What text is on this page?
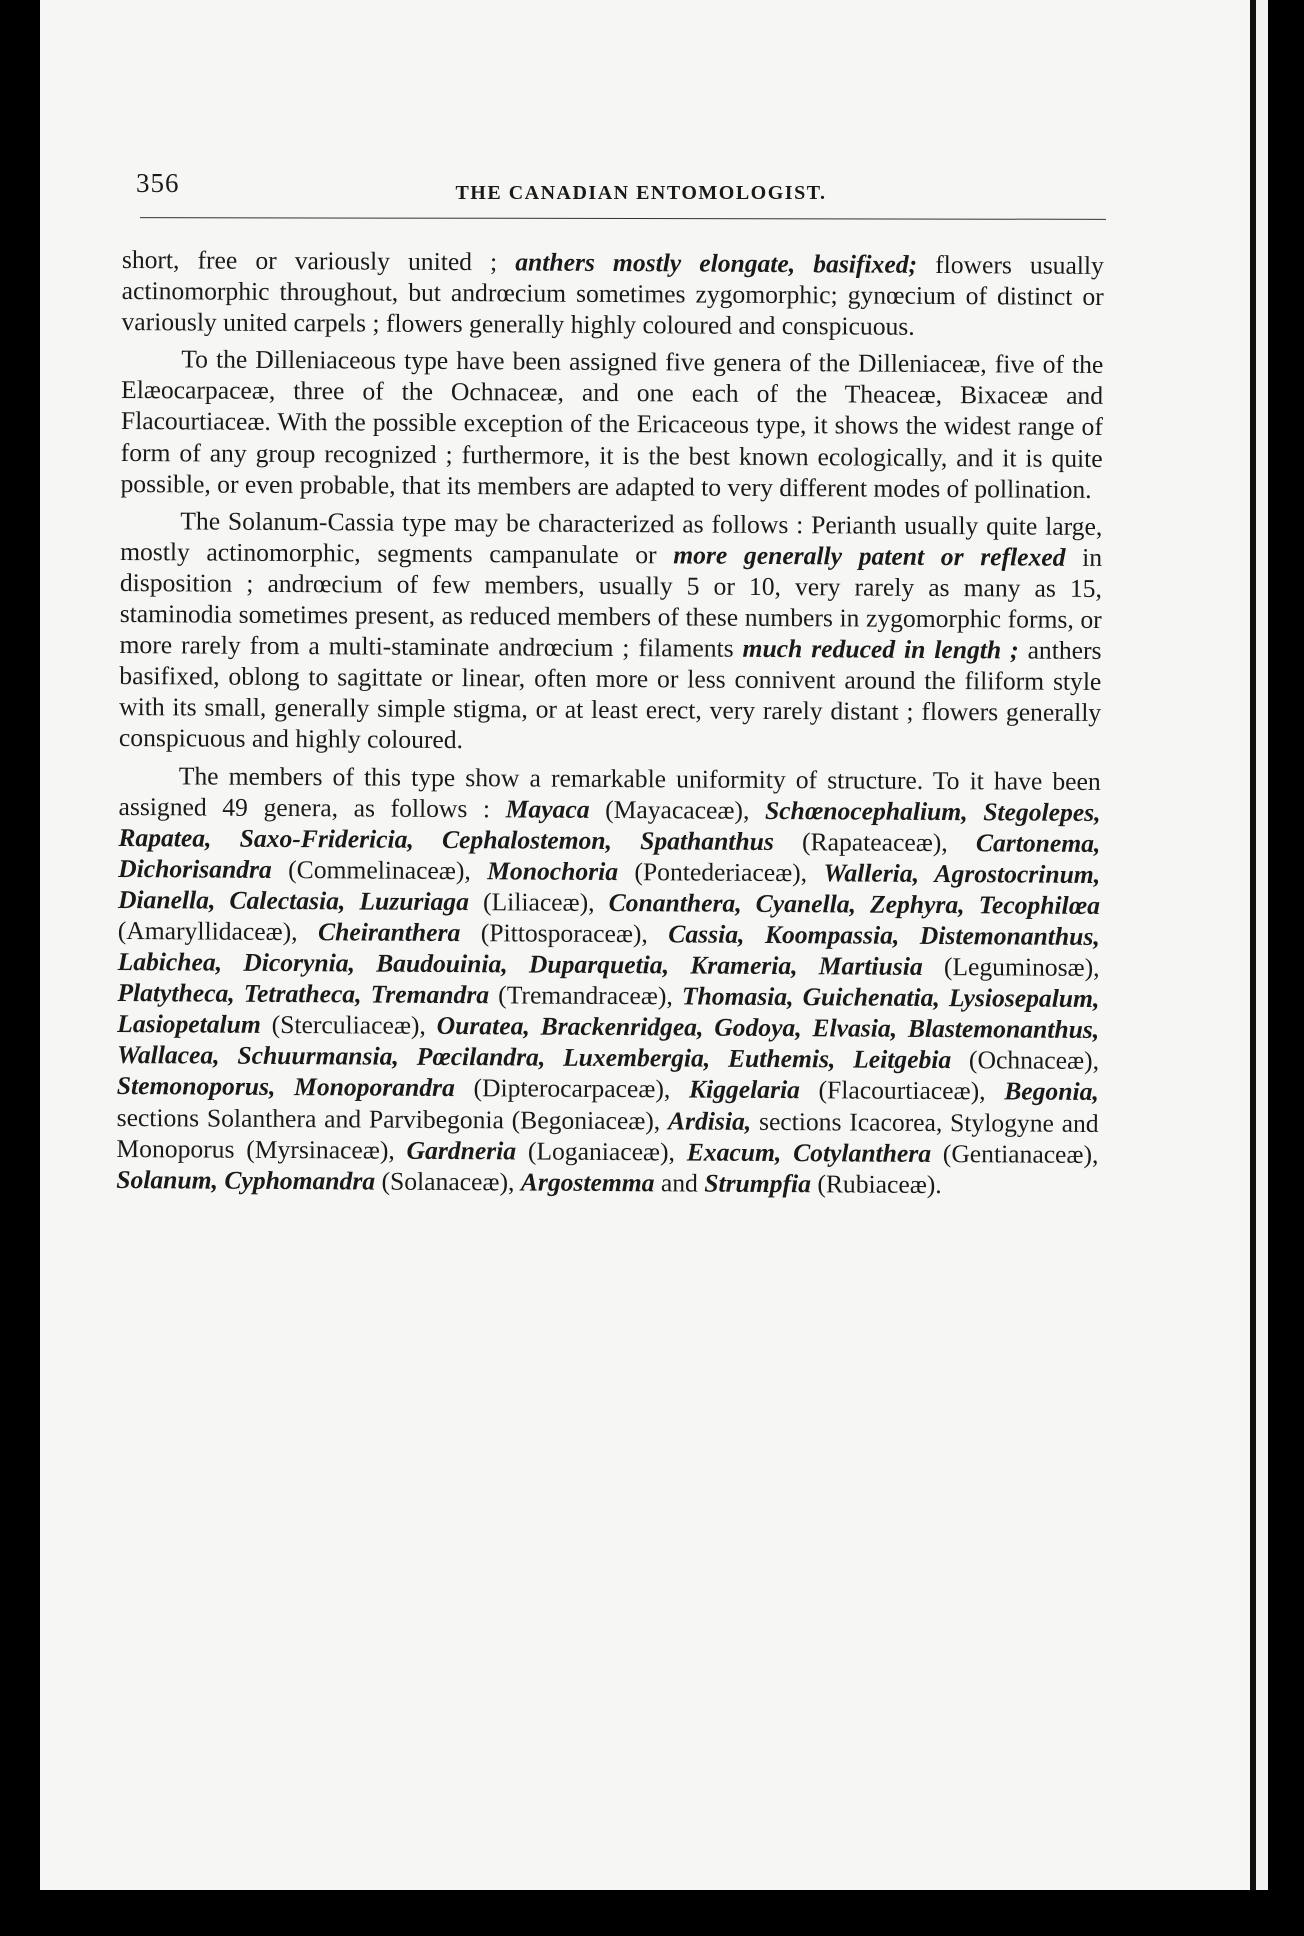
356	THE CANADIAN ENTOMOLOGIST.

short, free or variously united ; anthers mostly elongate, basifixed; flowers usually actinomorphic throughout, but andrœcium sometimes zygomorphic; gynœcium of distinct or variously united carpels ; flowers generally highly coloured and conspicuous.

To the Dilleniaceous type have been assigned five genera of the Dilleniaceæ, five of the Elæocarpaceæ, three of the Ochnaceæ, and one each of the Theaceæ, Bixaceæ and Flacourtiaceæ. With the possible exception of the Ericaceous type, it shows the widest range of form of any group recognized ; furthermore, it is the best known ecologically, and it is quite possible, or even probable, that its members are adapted to very different modes of pollination.

The Solanum-Cassia type may be characterized as follows : Perianth usually quite large, mostly actinomorphic, segments campanulate or more generally patent or reflexed in disposition ; andrœcium of few members, usually 5 or 10, very rarely as many as 15, staminodia sometimes present, as reduced members of these numbers in zygomorphic forms, or more rarely from a multi-staminate andrœcium ; filaments much reduced in length ; anthers basifixed, oblong to sagittate or linear, often more or less connivent around the filiform style with its small, generally simple stigma, or at least erect, very rarely distant ; flowers generally conspicuous and highly coloured.

The members of this type show a remarkable uniformity of structure. To it have been assigned 49 genera, as follows : Mayaca (Mayacaceæ), Schœnocephalium, Stegolepes, Rapatea, Saxo-Fridericia, Cephalostemon, Spathanthus (Rapateaceæ), Cartonema, Dichorisandra (Commelinaceæ), Monochoria (Pontederiaceæ), Walleria, Agrostocrinum, Dianella, Calectasia, Luzuriaga (Liliaceæ), Conanthera, Cyanella, Zephyra, Tecophilœa (Amaryllidaceæ), Cheiranthera (Pittosporaceæ), Cassia, Koompassia, Distemonanthus, Labichea, Dicorynia, Baudouinia, Duparquetia, Krameria, Martiusia (Leguminosæ), Platytheca, Tetratheca, Tremandra (Tremandraceæ), Thomasia, Guichenatia, Lysiosepalum, Lasiopetalum (Sterculiaceæ), Ouratea, Brackenridgea, Godoya, Elvasia, Blastemonanthus, Wallacea, Schuurmansia, Pœcilandra, Luxembergia, Euthemis, Leitgebia (Ochnaceæ), Stemonoporus, Monoporandra (Dipterocarpaceæ), Kiggelaria (Flacourtiaceæ), Begonia, sections Solanthera and Parvibegonia (Begoniaceæ), Ardisia, sections Icacorea, Stylogyne and Monoporus (Myrsinaceæ), Gardneria (Loganiaceæ), Exacum, Cotylanthera (Gentianaceæ), Solanum, Cyphomandra (Solanaceæ), Argostemma and Strumpfia (Rubiaceæ).
